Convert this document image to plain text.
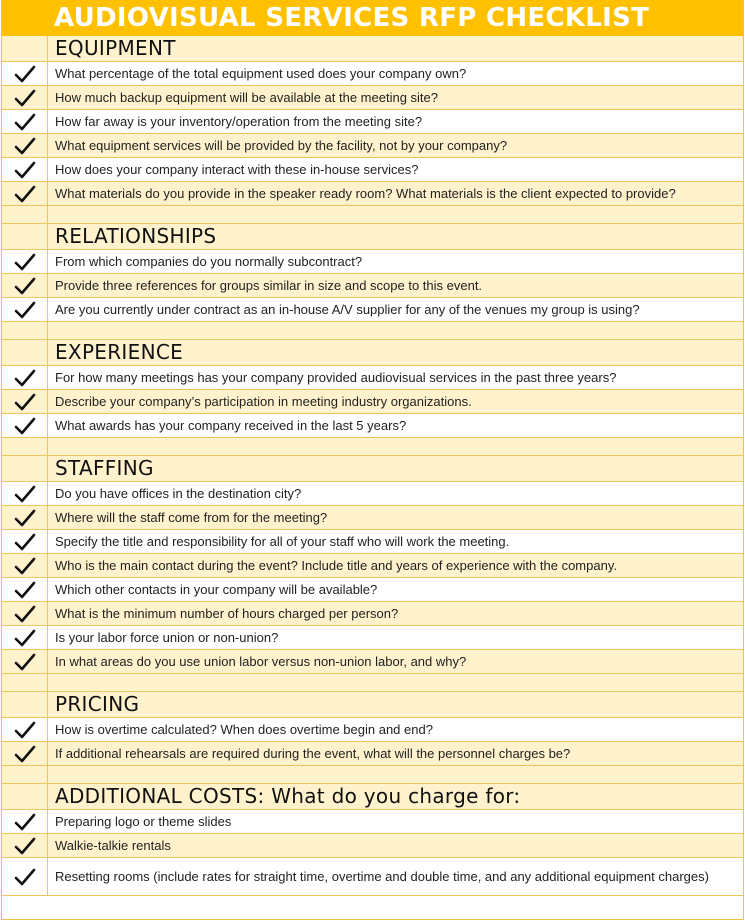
AUDIOVISUAL SERVICES RFP CHECKLIST
EQUIPMENT
What percentage of the total equipment used does your company own?
How much backup equipment will be available at the meeting site?
How far away is your inventory/operation from the meeting site?
What equipment services will be provided by the facility, not by your company?
How does your company interact with these in-house services?
What materials do you provide in the speaker ready room? What materials is the client expected to provide?
RELATIONSHIPS
From which companies do you normally subcontract?
Provide three references for groups similar in size and scope to this event.
Are you currently under contract as an in-house A/V supplier for any of the venues my group is using?
EXPERIENCE
For how many meetings has your company provided audiovisual services in the past three years?
Describe your company’s participation in meeting industry organizations.
What awards has your company received in the last 5 years?
STAFFING
Do you have offices in the destination city?
Where will the staff come from for the meeting?
Specify the title and responsibility for all of your staff who will work the meeting.
Who is the main contact during the event? Include title and years of experience with the company.
Which other contacts in your company will be available?
What is the minimum number of hours charged per person?
Is your labor force union or non-union?
In what areas do you use union labor versus non-union labor, and why?
PRICING
How is overtime calculated? When does overtime begin and end?
If additional rehearsals are required during the event, what will the personnel charges be?
ADDITIONAL COSTS: What do you charge for:
Preparing logo or theme slides
Walkie-talkie rentals
Resetting rooms (include rates for straight time, overtime and double time, and any additional equipment charges)
